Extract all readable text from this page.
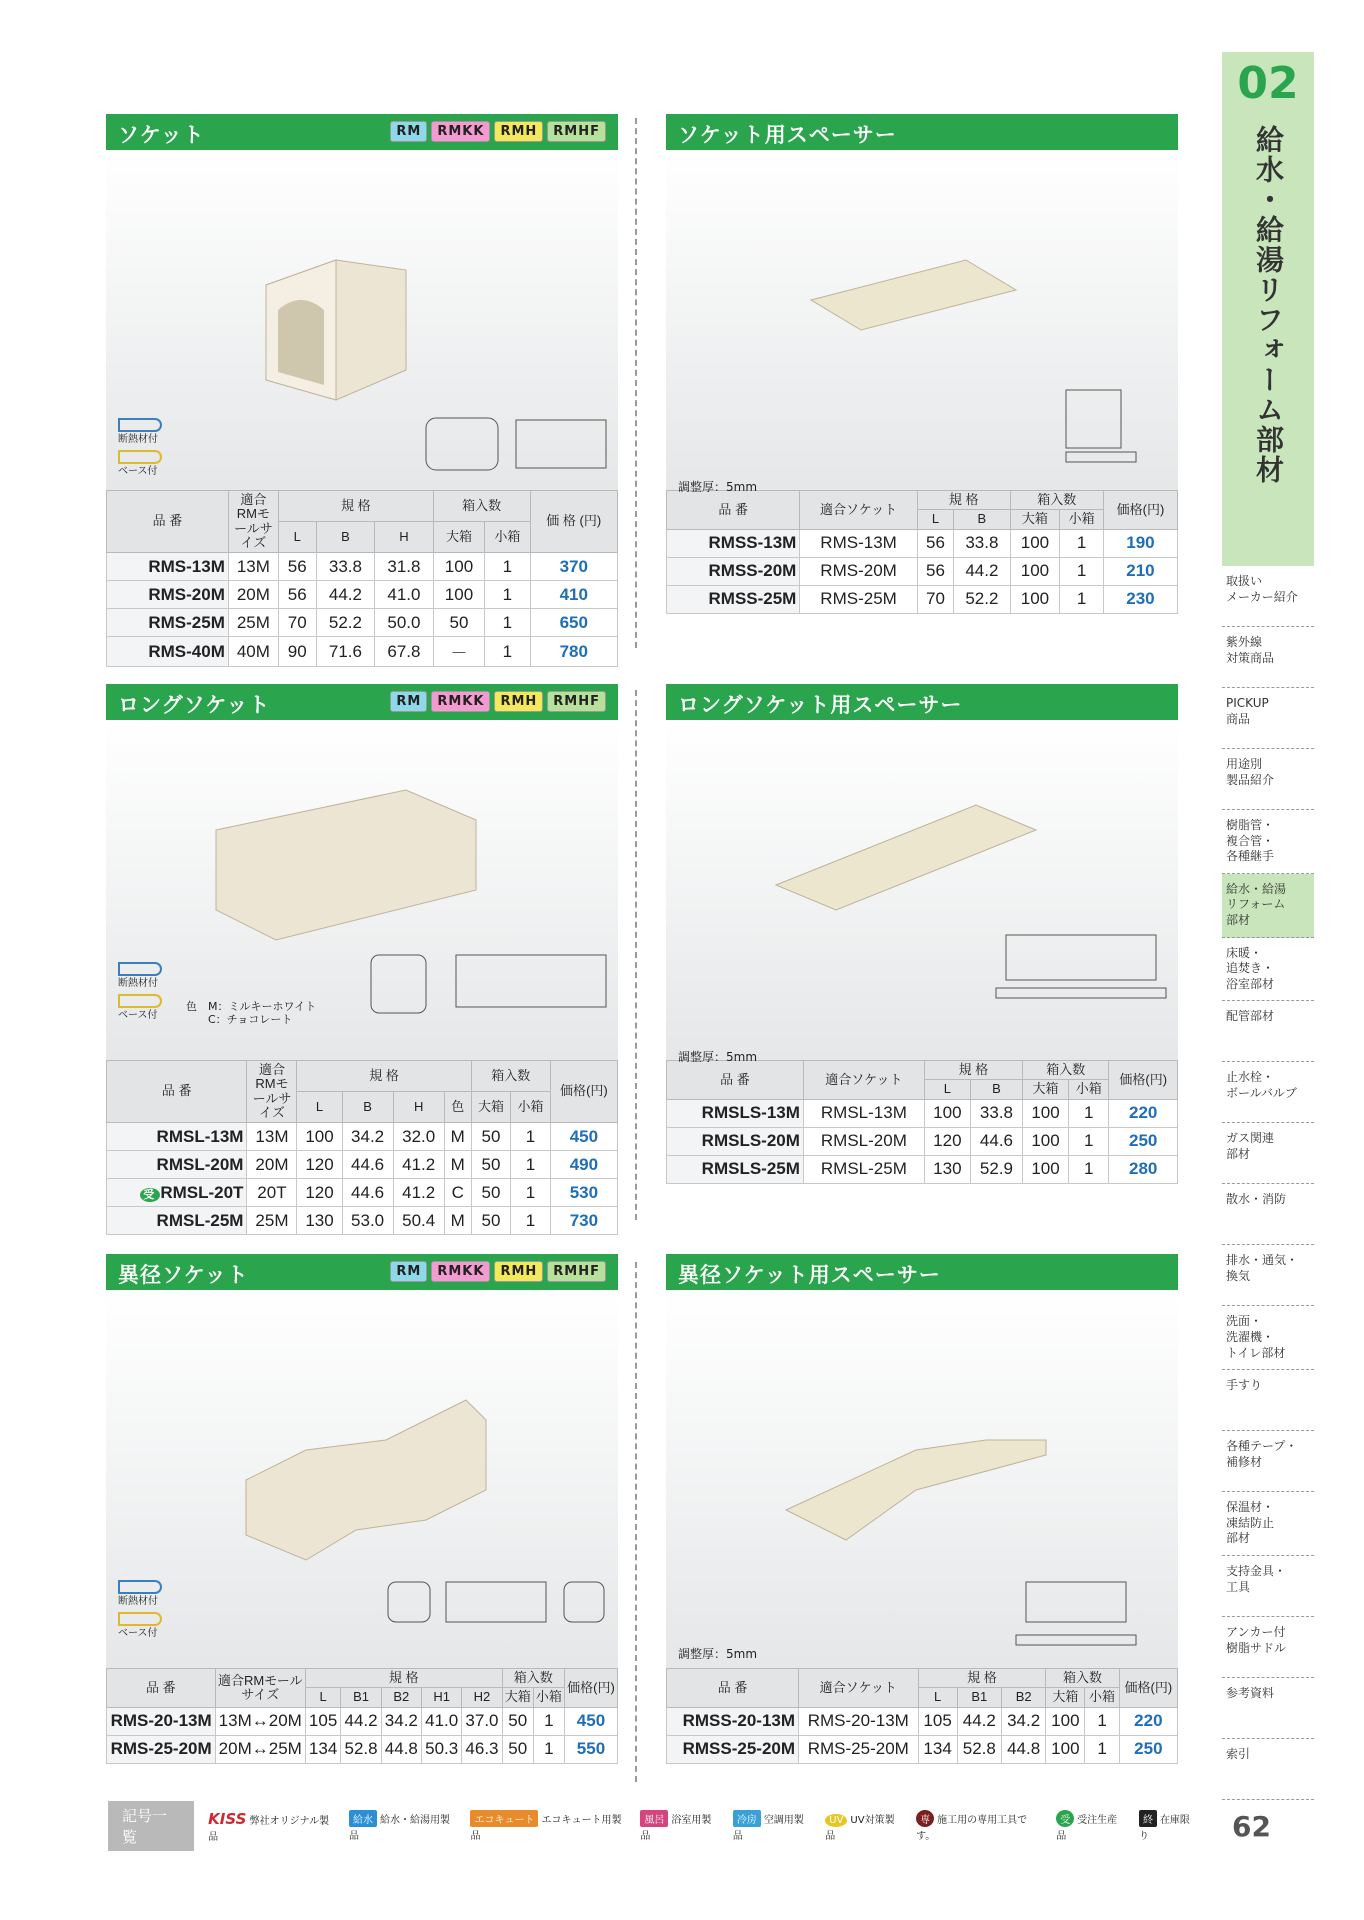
ソケット	RM	RMKK	RMH	RMHF
断熱材付
ベース付
品 番	適合RMモールサイズ	規 格			箱入数		価 格 (円)
		L	B	H	大箱	小箱	
RMS-13M	13M	56	33.8	31.8	100	1	370
RMS-20M	20M	56	44.2	41.0	100	1	410
RMS-25M	25M	70	52.2	50.0	50	1	650
RMS-40M	40M	90	71.6	67.8	－	1	780
ソケット用スペーサー
調整厚：5mm
品 番	適合ソケット	規 格		箱入数		価格(円)
		L	B	大箱	小箱	
RMSS-13M	RMS-13M	56	33.8	100	1	190
RMSS-20M	RMS-20M	56	44.2	100	1	210
RMSS-25M	RMS-25M	70	52.2	100	1	230
ロングソケット	RM	RMKK	RMH	RMHF
断熱材付
ベース付
色　 M：ミルキーホワイト
　　C：チョコレート
品 番	適合RMモールサイズ	規 格				箱入数		価格(円)
		L	B	H	色	大箱	小箱	
RMSL-13M	13M	100	34.2	32.0	M	50	1	450
RMSL-20M	20M	120	44.6	41.2	M	50	1	490
受 RMSL-20T	20T	120	44.6	41.2	C	50	1	530
RMSL-25M	25M	130	53.0	50.4	M	50	1	730
ロングソケット用スペーサー
調整厚：5mm
品 番	適合ソケット	規 格		箱入数		価格(円)
		L	B	大箱	小箱	
RMSLS-13M	RMSL-13M	100	33.8	100	1	220
RMSLS-20M	RMSL-20M	120	44.6	100	1	250
RMSLS-25M	RMSL-25M	130	52.9	100	1	280
異径ソケット	RM	RMKK	RMH	RMHF
断熱材付
ベース付
品 番	適合RMモールサイズ	規 格					箱入数		価格(円)
		L	B1	B2	H1	H2	大箱	小箱	
RMS-20-13M	13M↔20M	105	44.2	34.2	41.0	37.0	50	1	450
RMS-25-20M	20M↔25M	134	52.8	44.8	50.3	46.3	50	1	550
異径ソケット用スペーサー
調整厚：5mm
品 番	適合ソケット	規 格			箱入数		価格(円)
		L	B1	B2	大箱	小箱	
RMSS-20-13M	RMS-20-13M	105	44.2	34.2	100	1	220
RMSS-25-20M	RMS-25-20M	134	52.8	44.8	100	1	250
02
給水・給湯リフォーム部材
取扱い
メーカー紹介
紫外線
対策商品
PICKUP
商品
用途別
製品紹介
樹脂管・
複合管・
各種継手
給水・給湯
リフォーム
部材
床暖・
追焚き・
浴室部材
配管部材
止水栓・
ボールバルブ
ガス関連
部材
散水・消防
排水・通気・
換気
洗面・
洗濯機・
トイレ部材
手すり
各種テープ・
補修材
保温材・
凍結防止
部材
支持金具・
工具
アンカー付
樹脂サドル
参考資料
索引
記号一覧
KISS 弊社オリジナル製品
給水 給水・給湯用製品
エコキュート エコキュート用製品
風呂 浴室用製品
冷房 空調用製品
UV UV対策製品
専 施工用の専用工具です。
受 受注生産品
終 在庫限り	62
